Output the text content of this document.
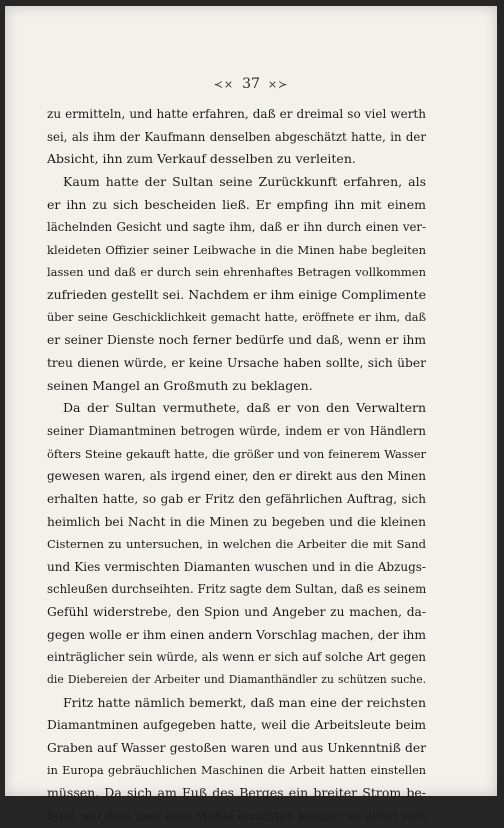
≺× 37 ×≻
zu ermitteln, und hatte erfahren, daß er dreimal so viel werth
sei, als ihm der Kaufmann denselben abgeschätzt hatte, in der
Absicht, ihn zum Verkauf desselben zu verleiten.
Kaum hatte der Sultan seine Zurückkunft erfahren, als
er ihn zu sich bescheiden ließ. Er empfing ihn mit einem
lächelnden Gesicht und sagte ihm, daß er ihn durch einen ver-
kleideten Offizier seiner Leibwache in die Minen habe begleiten
lassen und daß er durch sein ehrenhaftes Betragen vollkommen
zufrieden gestellt sei. Nachdem er ihm einige Complimente
über seine Geschicklichkeit gemacht hatte, eröffnete er ihm, daß
er seiner Dienste noch ferner bedürfe und daß, wenn er ihm
treu dienen würde, er keine Ursache haben sollte, sich über
seinen Mangel an Großmuth zu beklagen.
Da der Sultan vermuthete, daß er von den Verwaltern
seiner Diamantminen betrogen würde, indem er von Händlern
öfters Steine gekauft hatte, die größer und von feinerem Wasser
gewesen waren, als irgend einer, den er direkt aus den Minen
erhalten hatte, so gab er Fritz den gefährlichen Auftrag, sich
heimlich bei Nacht in die Minen zu begeben und die kleinen
Cisternen zu untersuchen, in welchen die Arbeiter die mit Sand
und Kies vermischten Diamanten wuschen und in die Abzugs-
schleußen durchseihten. Fritz sagte dem Sultan, daß es seinem
Gefühl widerstrebe, den Spion und Angeber zu machen, da-
gegen wolle er ihm einen andern Vorschlag machen, der ihm
einträglicher sein würde, als wenn er sich auf solche Art gegen
die Diebereien der Arbeiter und Diamanthändler zu schützen suche.
Fritz hatte nämlich bemerkt, daß man eine der reichsten
Diamantminen aufgegeben hatte, weil die Arbeitsleute beim
Graben auf Wasser gestoßen waren und aus Unkenntniß der
in Europa gebräuchlichen Maschinen die Arbeit hatten einstellen
müssen. Da sich am Fuß des Berges ein breiter Strom be-
fand, auf dem man eine Mühle errichten konnte, so erbot sich
